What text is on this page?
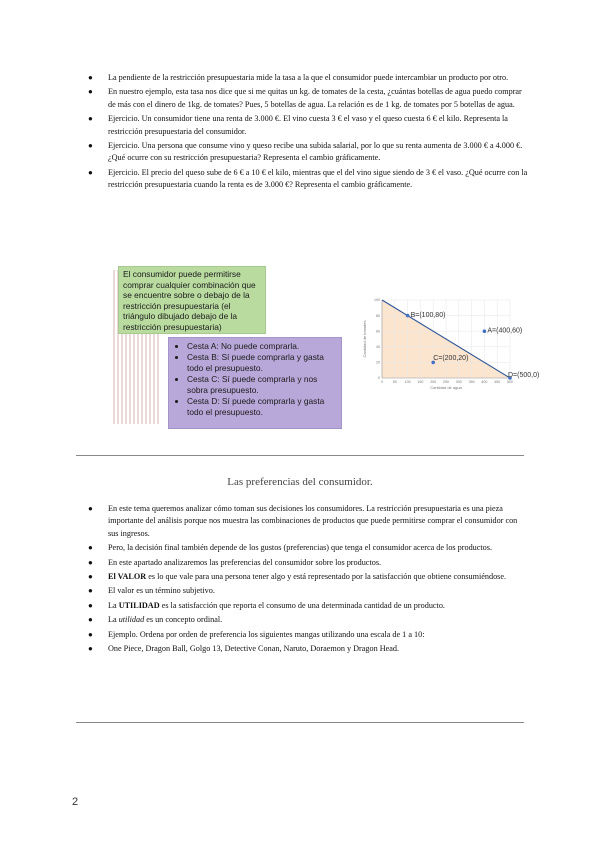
● La pendiente de la restricción presupuestaria mide la tasa a la que el consumidor puede intercambiar un producto por otro.
● En nuestro ejemplo, esta tasa nos dice que si me quitas un kg. de tomates de la cesta, ¿cuántas botellas de agua puedo comprar de más con el dinero de 1kg. de tomates? Pues, 5 botellas de agua. La relación es de 1 kg. de tomates por 5 botellas de agua.
● Ejercicio. Un consumidor tiene una renta de 3.000 €. El vino cuesta 3 € el vaso y el queso cuesta 6 € el kilo. Representa la restricción presupuestaria del consumidor.
● Ejercicio. Una persona que consume vino y queso recibe una subida salarial, por lo que su renta aumenta de 3.000 € a 4.000 €. ¿Qué ocurre con su restricción presupuestaria? Representa el cambio gráficamente.
● Ejercicio. El precio del queso sube de 6 € a 10 € el kilo, mientras que el del vino sigue siendo de 3 € el vaso. ¿Qué ocurre con la restricción presupuestaria cuando la renta es de 3.000 €? Representa el cambio gráficamente.
El consumidor puede permitirse comprar cualquier combinación que se encuentre sobre o debajo de la restricción presupuestaria (el triángulo dibujado debajo de la restricción presupuestaria)
• Cesta A: No puede comprarla.
• Cesta B: Sí puede comprarla y gasta todo el presupuesto.
• Cesta C: Sí puede comprarla y nos sobra presupuesto.
• Cesta D: Sí puede comprarla y gasta todo el presupuesto.
0	50 100 150 200 250 300 350 400 450 500
0
20
40
60
80
100
A=(400,60)
B=(100,80)
C=(200,20)
D=(500,0)
Cantidad de agua
Cantidad de tomates
Las preferencias del consumidor.
● En este tema queremos analizar cómo toman sus decisiones los consumidores. La restricción presupuestaria es una pieza importante del análisis porque nos muestra las combinaciones de productos que puede permitirse comprar el consumidor con sus ingresos.
● Pero, la decisión final también depende de los gustos (preferencias) que tenga el consumidor acerca de los productos.
● En este apartado analizaremos las preferencias del consumidor sobre los productos.
● El VALOR es lo que vale para una persona tener algo y está representado por la satisfacción que obtiene consumiéndose.
● El valor es un término subjetivo.
● La UTILIDAD es la satisfacción que reporta el consumo de una determinada cantidad de un producto.
● La utilidad es un concepto ordinal.
● Ejemplo. Ordena por orden de preferencia los siguientes mangas utilizando una escala de 1 a 10:
● One Piece, Dragon Ball, Golgo 13, Detective Conan, Naruto, Doraemon y Dragon Head.
2
